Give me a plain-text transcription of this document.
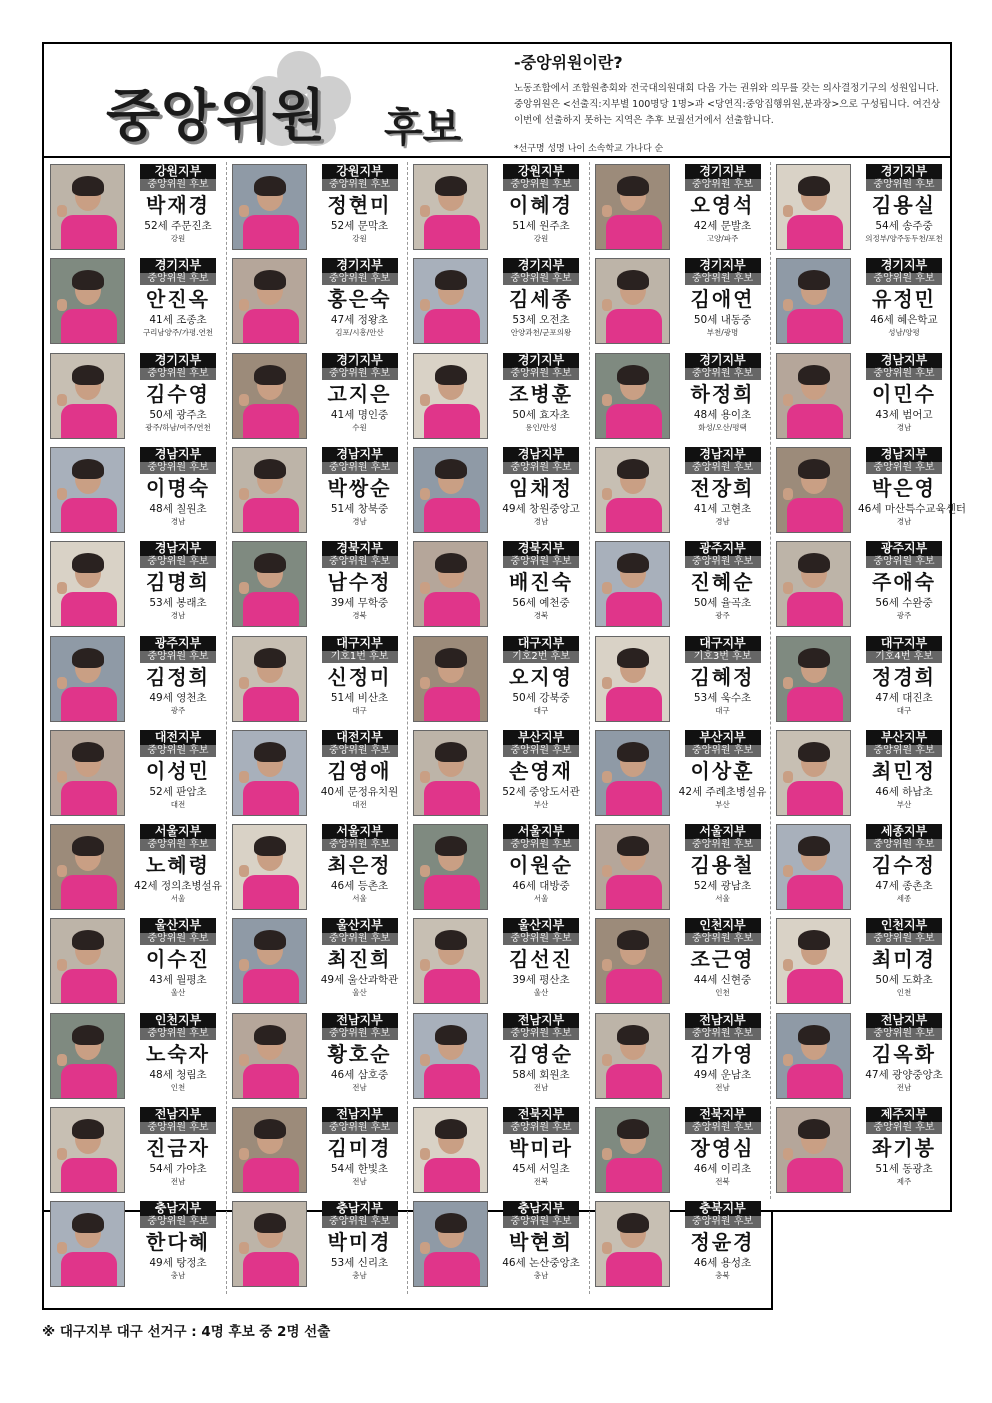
중앙위원 후보
-중앙위원이란?
노동조합에서 조합원총회와 전국대의원대회 다음 가는 권위와 의무를 갖는 의사결정기구의 성원입니다. 중앙위원은 <선출직:지부별 100명당 1명>과 <당연직:중앙집행위원,분과장>으로 구성됩니다. 여건상 이번에 선출하지 못하는 지역은 추후 보궐선거에서 선출합니다.
*선구명 성명 나이 소속학교 가나다 순
강원지부
중앙위원 후보
박재경
52세 주문진초
강원
강원지부
중앙위원 후보
정현미
52세 문막초
강원
강원지부
중앙위원 후보
이혜경
51세 원주초
강원
경기지부
중앙위원 후보
오영석
42세 문발초
고양/파주
경기지부
중앙위원 후보
김용실
54세 송주중
의정부/양주동두천/포천
경기지부
중앙위원 후보
안진옥
41세 조종초
구리남양주/가평.연천
경기지부
중앙위원 후보
홍은숙
47세 정왕초
김포/시흥/안산
경기지부
중앙위원 후보
김세종
53세 오전초
안양과천/군포의왕
경기지부
중앙위원 후보
김애연
50세 내동중
부천/광명
경기지부
중앙위원 후보
유정민
46세 혜은학교
성남/양평
경기지부
중앙위원 후보
김수영
50세 광주초
광주/하남/여주/연천
경기지부
중앙위원 후보
고지은
41세 명인중
수원
경기지부
중앙위원 후보
조병훈
50세 효자초
용인/안성
경기지부
중앙위원 후보
하정희
48세 용이초
화성/오산/평택
경남지부
중앙위원 후보
이민수
43세 범어고
경남
경남지부
중앙위원 후보
이명숙
48세 칠원초
경남
경남지부
중앙위원 후보
박쌍순
51세 창북중
경남
경남지부
중앙위원 후보
임채정
49세 창원중앙고
경남
경남지부
중앙위원 후보
전장희
41세 고현초
경남
경남지부
중앙위원 후보
박은영
46세 마산특수교육센터
경남
경남지부
중앙위원 후보
김명희
53세 봉래초
경남
경북지부
중앙위원 후보
남수정
39세 무학중
경북
경북지부
중앙위원 후보
배진숙
56세 예천중
경북
광주지부
중앙위원 후보
진혜순
50세 율곡초
광주
광주지부
중앙위원 후보
주애숙
56세 수완중
광주
광주지부
중앙위원 후보
김정희
49세 영천초
광주
대구지부
기호1번 후보
신정미
51세 비산초
대구
대구지부
기호2번 후보
오지영
50세 강북중
대구
대구지부
기호3번 후보
김혜정
53세 욱수초
대구
대구지부
기호4번 후보
정경희
47세 대진초
대구
대전지부
중앙위원 후보
이성민
52세 판암초
대전
대전지부
중앙위원 후보
김영애
40세 문정유치원
대전
부산지부
중앙위원 후보
손영재
52세 중앙도서관
부산
부산지부
중앙위원 후보
이상훈
42세 주례초병설유
부산
부산지부
중앙위원 후보
최민정
46세 하남초
부산
서울지부
중앙위원 후보
노혜령
42세 정의초병설유
서울
서울지부
중앙위원 후보
최은정
46세 등촌초
서울
서울지부
중앙위원 후보
이원순
46세 대방중
서울
서울지부
중앙위원 후보
김용철
52세 광남초
서울
세종지부
중앙위원 후보
김수정
47세 종촌초
세종
울산지부
중앙위원 후보
이수진
43세 월평초
울산
울산지부
중앙위원 후보
최진희
49세 울산과학관
울산
울산지부
중앙위원 후보
김선진
39세 평산초
울산
인천지부
중앙위원 후보
조근영
44세 신현중
인천
인천지부
중앙위원 후보
최미경
50세 도화초
인천
인천지부
중앙위원 후보
노숙자
48세 청림초
인천
전남지부
중앙위원 후보
황호순
46세 삼호중
전남
전남지부
중앙위원 후보
김영순
58세 회원초
전남
전남지부
중앙위원 후보
김가영
49세 운남초
전남
전남지부
중앙위원 후보
김옥화
47세 광양중앙초
전남
전남지부
중앙위원 후보
진금자
54세 가야초
전남
전남지부
중앙위원 후보
김미경
54세 한빛초
전남
전북지부
중앙위원 후보
박미라
45세 서일초
전북
전북지부
중앙위원 후보
장영심
46세 이리초
전북
제주지부
중앙위원 후보
좌기봉
51세 동광초
제주
충남지부
중앙위원 후보
한다혜
49세 탕정초
충남
충남지부
중앙위원 후보
박미경
53세 신리초
충남
충남지부
중앙위원 후보
박현희
46세 논산중앙초
충남
충북지부
중앙위원 후보
정윤경
46세 용성초
충북
※ 대구지부 대구 선거구 : 4명 후보 중 2명 선출
